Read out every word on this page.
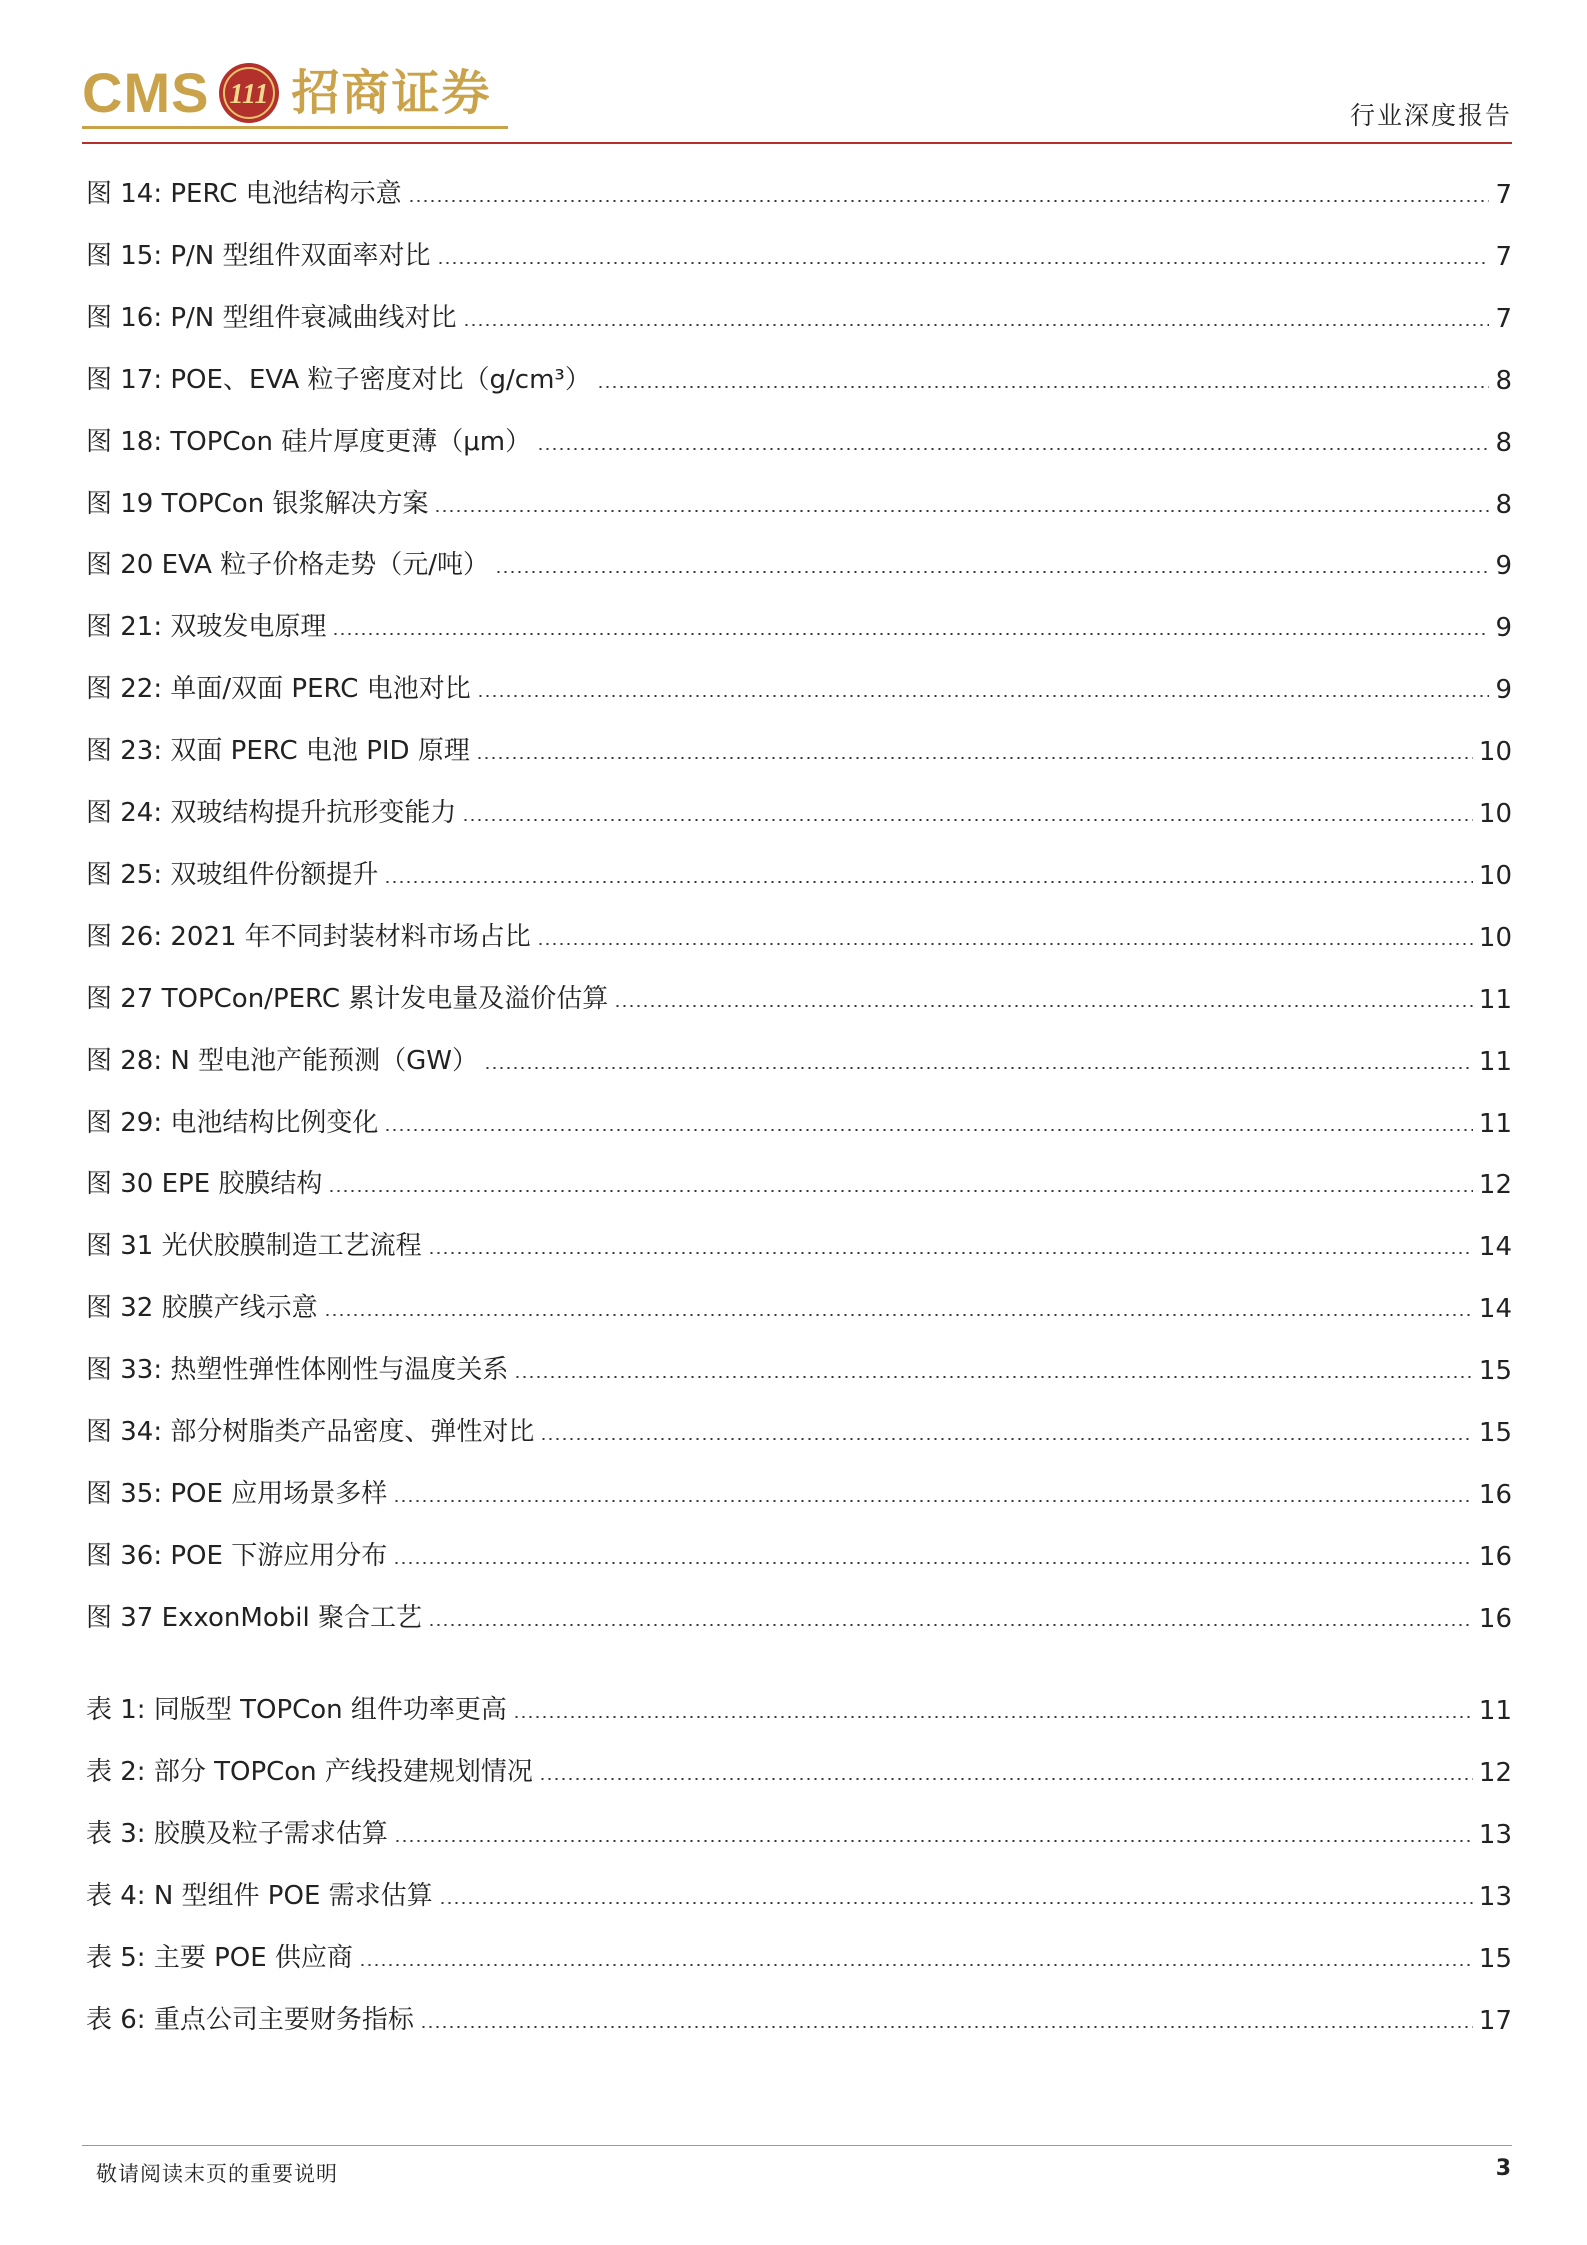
CMS 111 招商证券	行业深度报告
图 14: PERC 电池结构示意	7
图 15: P/N 型组件双面率对比	7
图 16: P/N 型组件衰减曲线对比	7
图 17: POE、EVA 粒子密度对比（g/cm³）	8
图 18: TOPCon 硅片厚度更薄（μm）	8
图 19 TOPCon 银浆解决方案	8
图 20 EVA 粒子价格走势（元/吨）	9
图 21: 双玻发电原理	9
图 22: 单面/双面 PERC 电池对比	9
图 23: 双面 PERC 电池 PID 原理	10
图 24: 双玻结构提升抗形变能力	10
图 25: 双玻组件份额提升	10
图 26: 2021 年不同封装材料市场占比	10
图 27 TOPCon/PERC 累计发电量及溢价估算	11
图 28: N 型电池产能预测（GW）	11
图 29: 电池结构比例变化	11
图 30 EPE 胶膜结构	12
图 31 光伏胶膜制造工艺流程	14
图 32 胶膜产线示意	14
图 33: 热塑性弹性体刚性与温度关系	15
图 34: 部分树脂类产品密度、弹性对比	15
图 35: POE 应用场景多样	16
图 36: POE 下游应用分布	16
图 37 ExxonMobil 聚合工艺	16
表 1: 同版型 TOPCon 组件功率更高	11
表 2: 部分 TOPCon 产线投建规划情况	12
表 3: 胶膜及粒子需求估算	13
表 4: N 型组件 POE 需求估算	13
表 5: 主要 POE 供应商	15
表 6: 重点公司主要财务指标	17
敬请阅读末页的重要说明	3
